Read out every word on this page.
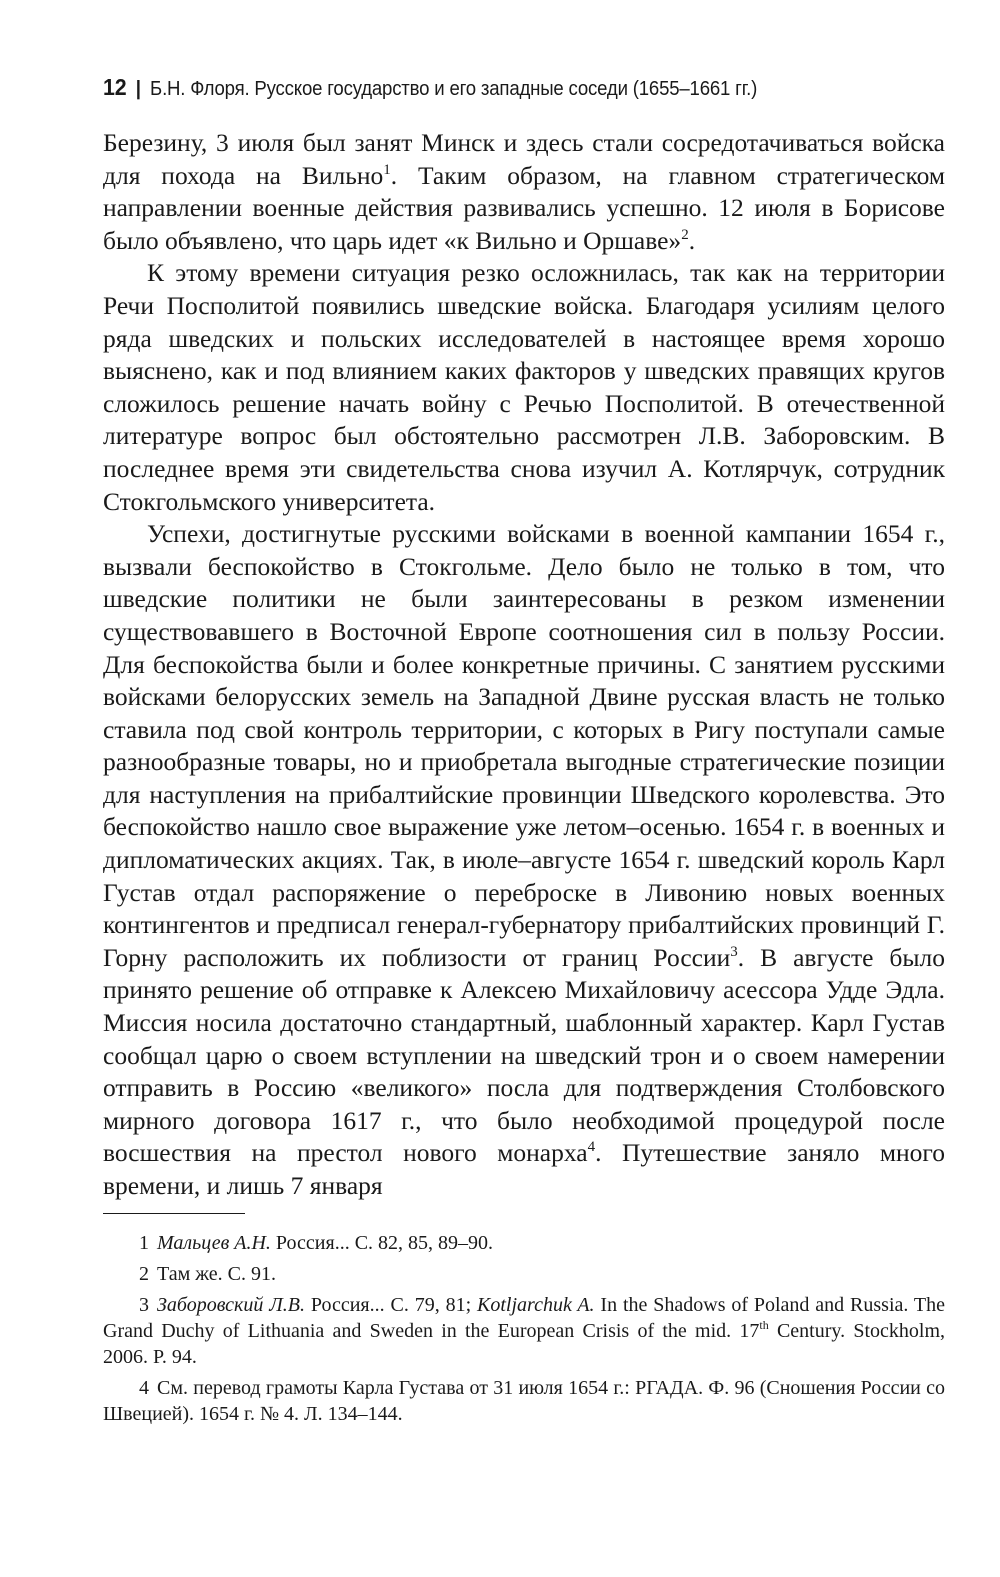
12 | Б.Н. Флоря. Русское государство и его западные соседи (1655–1661 гг.)

Березину, 3 июля был занят Минск и здесь стали сосредотачиваться войска для похода на Вильно$^1$. Таким образом, на главном стратегическом направлении военные действия развивались успешно. 12 июля в Борисове было объявлено, что царь идет «к Вильно и Оршаве»$^2$.

К этому времени ситуация резко осложнилась, так как на территории Речи Посполитой появились шведские войска. Благодаря усилиям целого ряда шведских и польских исследователей в настоящее время хорошо выяснено, как и под влиянием каких факторов у шведских правящих кругов сложилось решение начать войну с Речью Посполитой. В отечественной литературе вопрос был обстоятельно рассмотрен Л.В. Заборовским. В последнее время эти свидетельства снова изучил А. Котлярчук, сотрудник Стокгольмского университета.

Успехи, достигнутые русскими войсками в военной кампании 1654 г., вызвали беспокойство в Стокгольме. Дело было не только в том, что шведские политики не были заинтересованы в резком изменении существовавшего в Восточной Европе соотношения сил в пользу России. Для беспокойства были и более конкретные причины. С занятием русскими войсками белорусских земель на Западной Двине русская власть не только ставила под свой контроль территории, с которых в Ригу поступали самые разнообразные товары, но и приобретала выгодные стратегические позиции для наступления на прибалтийские провинции Шведского королевства. Это беспокойство нашло свое выражение уже летом–осенью. 1654 г. в военных и дипломатических акциях. Так, в июле–августе 1654 г. шведский король Карл Густав отдал распоряжение о переброске в Ливонию новых военных контингентов и предписал генерал-губернатору прибалтийских провинций Г. Горну расположить их поблизости от границ России$^3$. В августе было принято решение об отправке к Алексею Михайловичу асессора Удде Эдла. Миссия носила достаточно стандартный, шаблонный характер. Карл Густав сообщал царю о своем вступлении на шведский трон и о своем намерении отправить в Россию «великого» посла для подтверждения Столбовского мирного договора 1617 г., что было необходимой процедурой после восшествия на престол нового монарха$^4$. Путешествие заняло много времени, и лишь 7 января

1 Мальцев А.Н. Россия... С. 82, 85, 89–90.

2 Там же. С. 91.

3 Заборовский Л.В. Россия... С. 79, 81; Kotljarchuk A. In the Shadows of Poland and Russia. The Grand Duchy of Lithuania and Sweden in the European Crisis of the mid. 17th Century. Stockholm, 2006. P. 94.

4 См. перевод грамоты Карла Густава от 31 июля 1654 г.: РГАДА. Ф. 96 (Сношения России со Швецией). 1654 г. № 4. Л. 134–144.
